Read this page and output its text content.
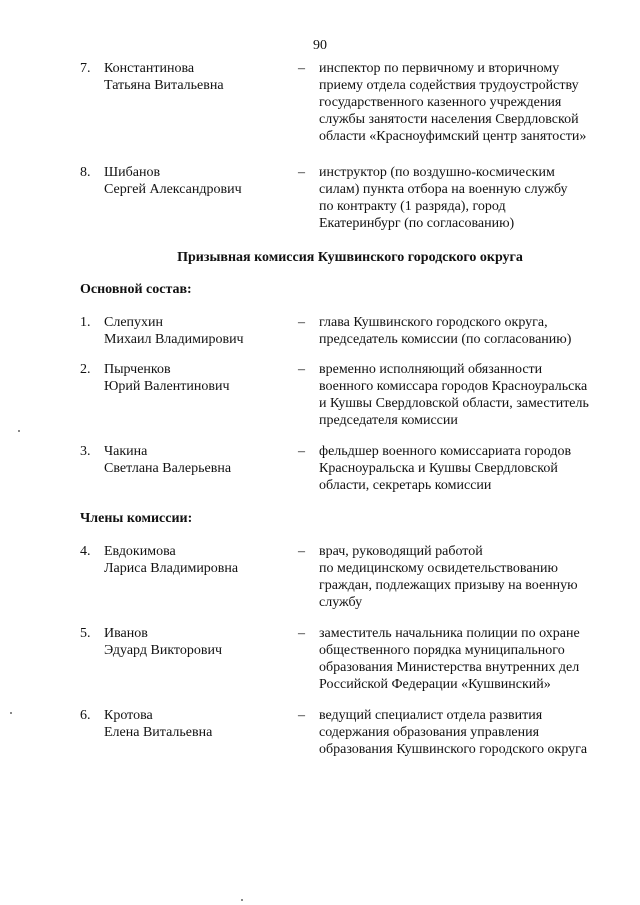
90
7. Константинова
Татьяна Витальевна
– инспектор по первичному и вторичному
приему отдела содействия трудоустройству
государственного казенного учреждения
службы занятости населения Свердловской
области «Красноуфимский центр занятости»
8. Шибанов
Сергей Александрович
– инструктор (по воздушно-космическим
силам) пункта отбора на военную службу
по контракту (1 разряда), город
Екатеринбург (по согласованию)
Призывная комиссия Кушвинского городского округа
Основной состав:
1. Слепухин
Михаил Владимирович
– глава Кушвинского городского округа,
председатель комиссии (по согласованию)
2. Пырченков
Юрий Валентинович
– временно исполняющий обязанности
военного комиссара городов Красноуральска
и Кушвы Свердловской области, заместитель
председателя комиссии
3. Чакина
Светлана Валерьевна
– фельдшер военного комиссариата городов
Красноуральска и Кушвы Свердловской
области, секретарь комиссии
Члены комиссии:
4. Евдокимова
Лариса Владимировна
– врач, руководящий работой
по медицинскому освидетельствованию
граждан, подлежащих призыву на военную
службу
5. Иванов
Эдуард Викторович
– заместитель начальника полиции по охране
общественного порядка муниципального
образования Министерства внутренних дел
Российской Федерации «Кушвинский»
6. Кротова
Елена Витальевна
– ведущий специалист отдела развития
содержания образования управления
образования Кушвинского городского округа
